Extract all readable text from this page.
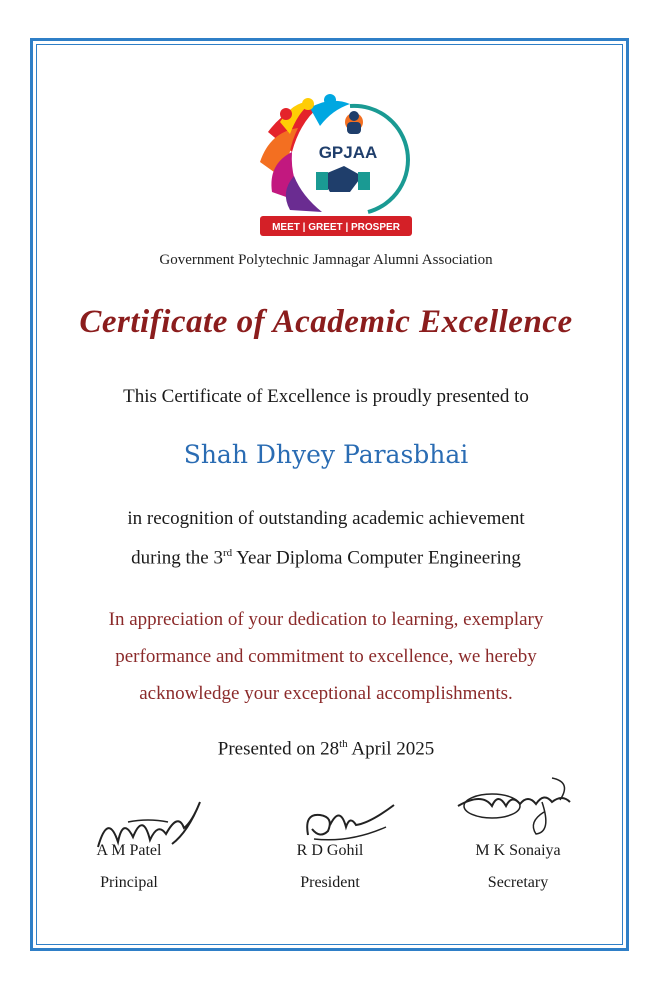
GPJAA
MEET | GREET | PROSPER
Government Polytechnic Jamnagar Alumni Association
Certificate of Academic Excellence
This Certificate of Excellence is proudly presented to
Shah Dhyey Parasbhai
in recognition of outstanding academic achievement
during the 3rd Year Diploma Computer Engineering
In appreciation of your dedication to learning, exemplary
performance and commitment to excellence, we hereby
acknowledge your exceptional accomplishments.
Presented on 28th April 2025
A M Patel
Principal
R D Gohil
President
M K Sonaiya
Secretary
